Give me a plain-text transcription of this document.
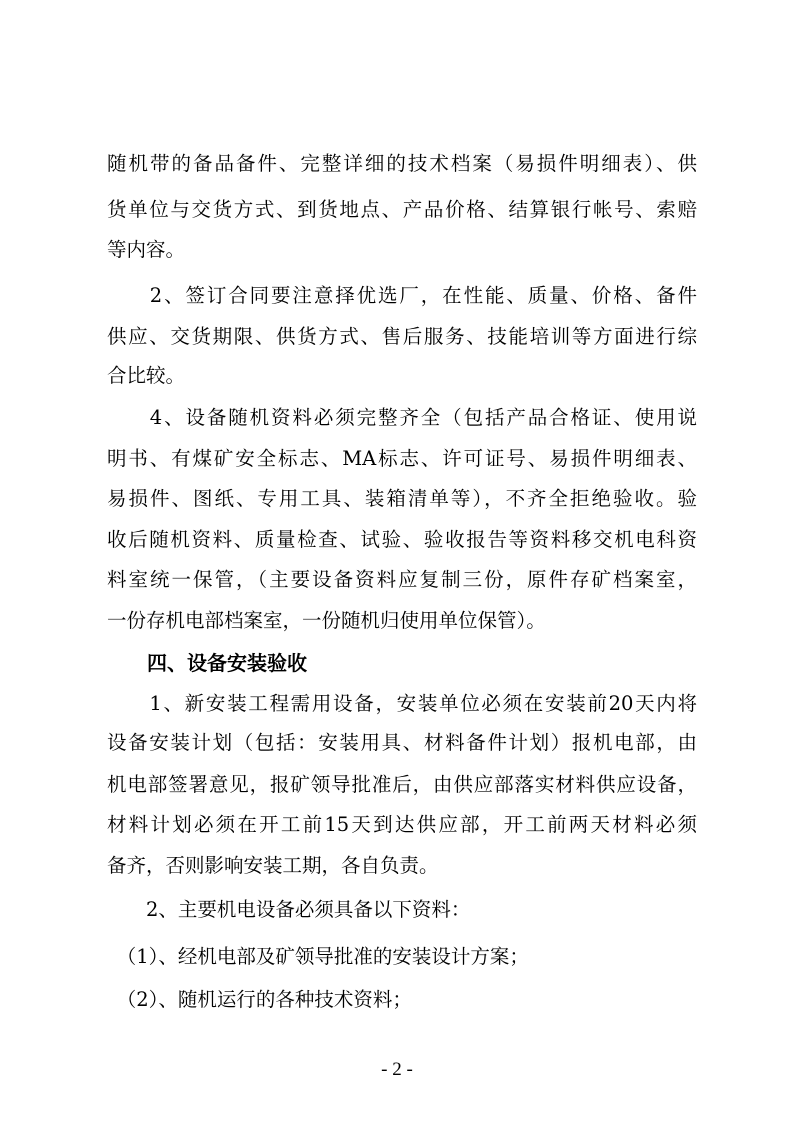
随机带的备品备件、完整详细的技术档案（易损件明细表）、供
货单位与交货方式、到货地点、产品价格、结算银行帐号、索赔
等内容。
　　2、签订合同要注意择优选厂，在性能、质量、价格、备件
供应、交货期限、供货方式、售后服务、技能培训等方面进行综
合比较。
　　4、设备随机资料必须完整齐全（包括产品合格证、使用说
明书、有煤矿安全标志、MA标志、许可证号、易损件明细表、
易损件、图纸、专用工具、装箱清单等），不齐全拒绝验收。验
收后随机资料、质量检查、试验、验收报告等资料移交机电科资
料室统一保管，（主要设备资料应复制三份，原件存矿档案室，
一份存机电部档案室，一份随机归使用单位保管）。
　　四、设备安装验收
　　1、新安装工程需用设备，安装单位必须在安装前20天内将
设备安装计划（包括：安装用具、材料备件计划）报机电部，由
机电部签署意见，报矿领导批准后，由供应部落实材料供应设备，
材料计划必须在开工前15天到达供应部，开工前两天材料必须
备齐，否则影响安装工期，各自负责。
　　2、主要机电设备必须具备以下资料：
　（1）、经机电部及矿领导批准的安装设计方案；
　（2）、随机运行的各种技术资料；
- 2 -
